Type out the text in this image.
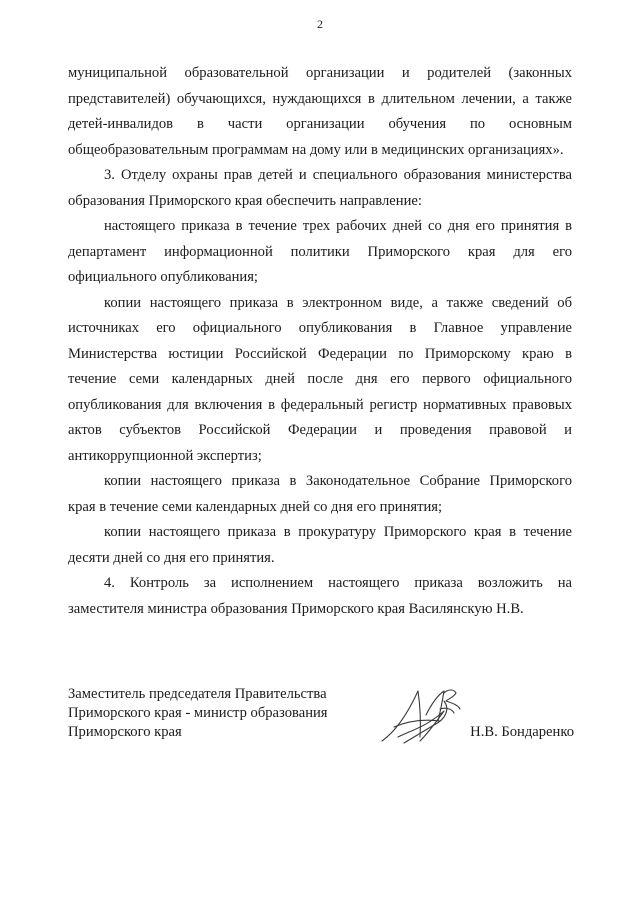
2
муниципальной образовательной организации и родителей (законных
представителей) обучающихся, нуждающихся в длительном лечении, а также
детей-инвалидов в части организации обучения по основным
общеобразовательным программам на дому или в медицинских организациях».
3. Отделу охраны прав детей и специального образования министерства
образования Приморского края обеспечить направление:
настоящего приказа в течение трех рабочих дней со дня его принятия в
департамент информационной политики Приморского края для его
официального опубликования;
копии настоящего приказа в электронном виде, а также сведений об
источниках его официального опубликования в Главное управление
Министерства юстиции Российской Федерации по Приморскому краю в
течение семи календарных дней после дня его первого официального
опубликования для включения в федеральный регистр нормативных правовых
актов субъектов Российской Федерации и проведения правовой и
антикоррупционной экспертиз;
копии настоящего приказа в Законодательное Собрание Приморского
края в течение семи календарных дней со дня его принятия;
копии настоящего приказа в прокуратуру Приморского края в течение
десяти дней со дня его принятия.
4. Контроль за исполнением настоящего приказа возложить на
заместителя министра образования Приморского края Василянскую Н.В.
Заместитель председателя Правительства
Приморского края - министр образования
Приморского края	Н.В. Бондаренко
